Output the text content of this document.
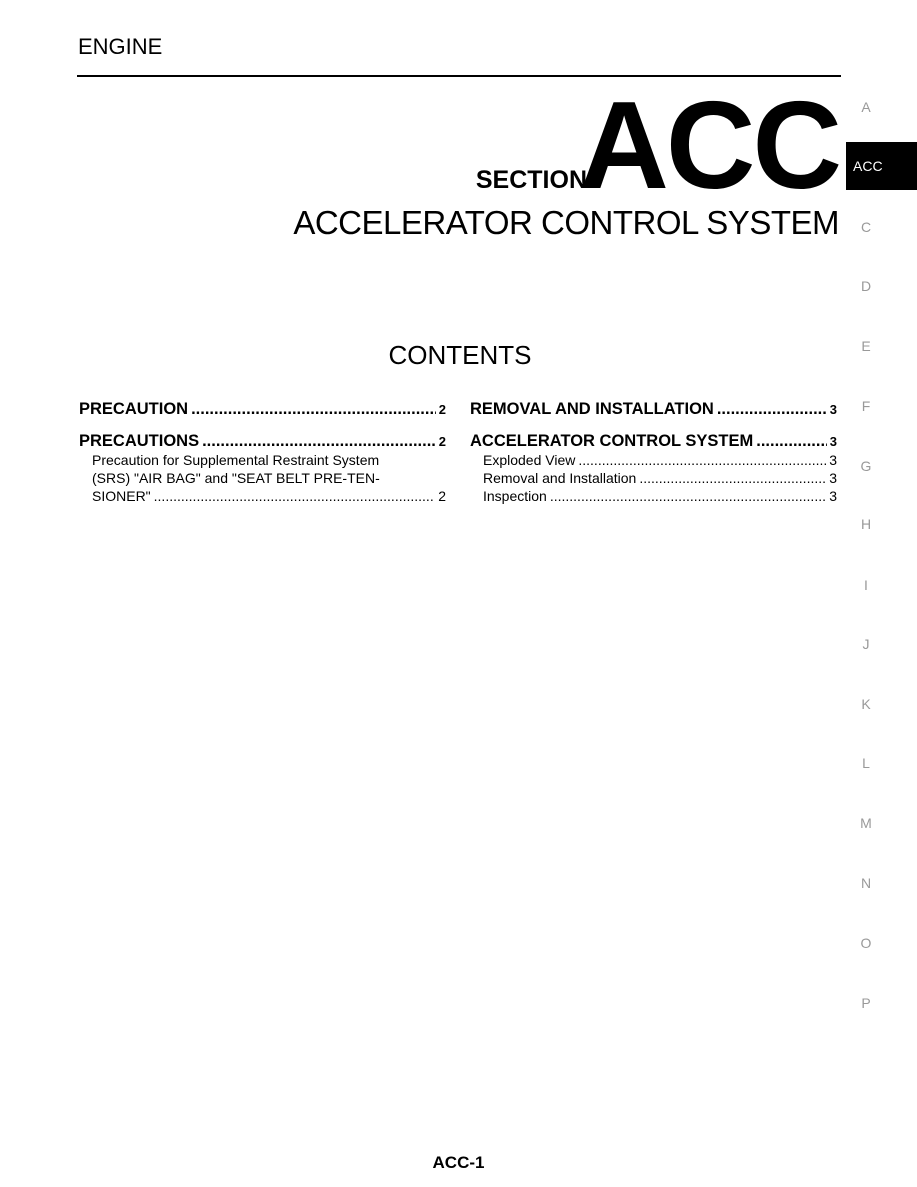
ENGINE
SECTION
ACC
ACCELERATOR CONTROL SYSTEM
CONTENTS
PRECAUTION .....	2
PRECAUTIONS .....	2
Precaution for Supplemental Restraint System
(SRS) "AIR BAG" and "SEAT BELT PRE-TEN-
SIONER" .....	2
REMOVAL AND INSTALLATION .....	3
ACCELERATOR CONTROL SYSTEM .....	3
Exploded View .....	3
Removal and Installation .....	3
Inspection .....	3
A
ACC
C
D
E
F
G
H
I
J
K
L
M
N
O
P
ACC-1
